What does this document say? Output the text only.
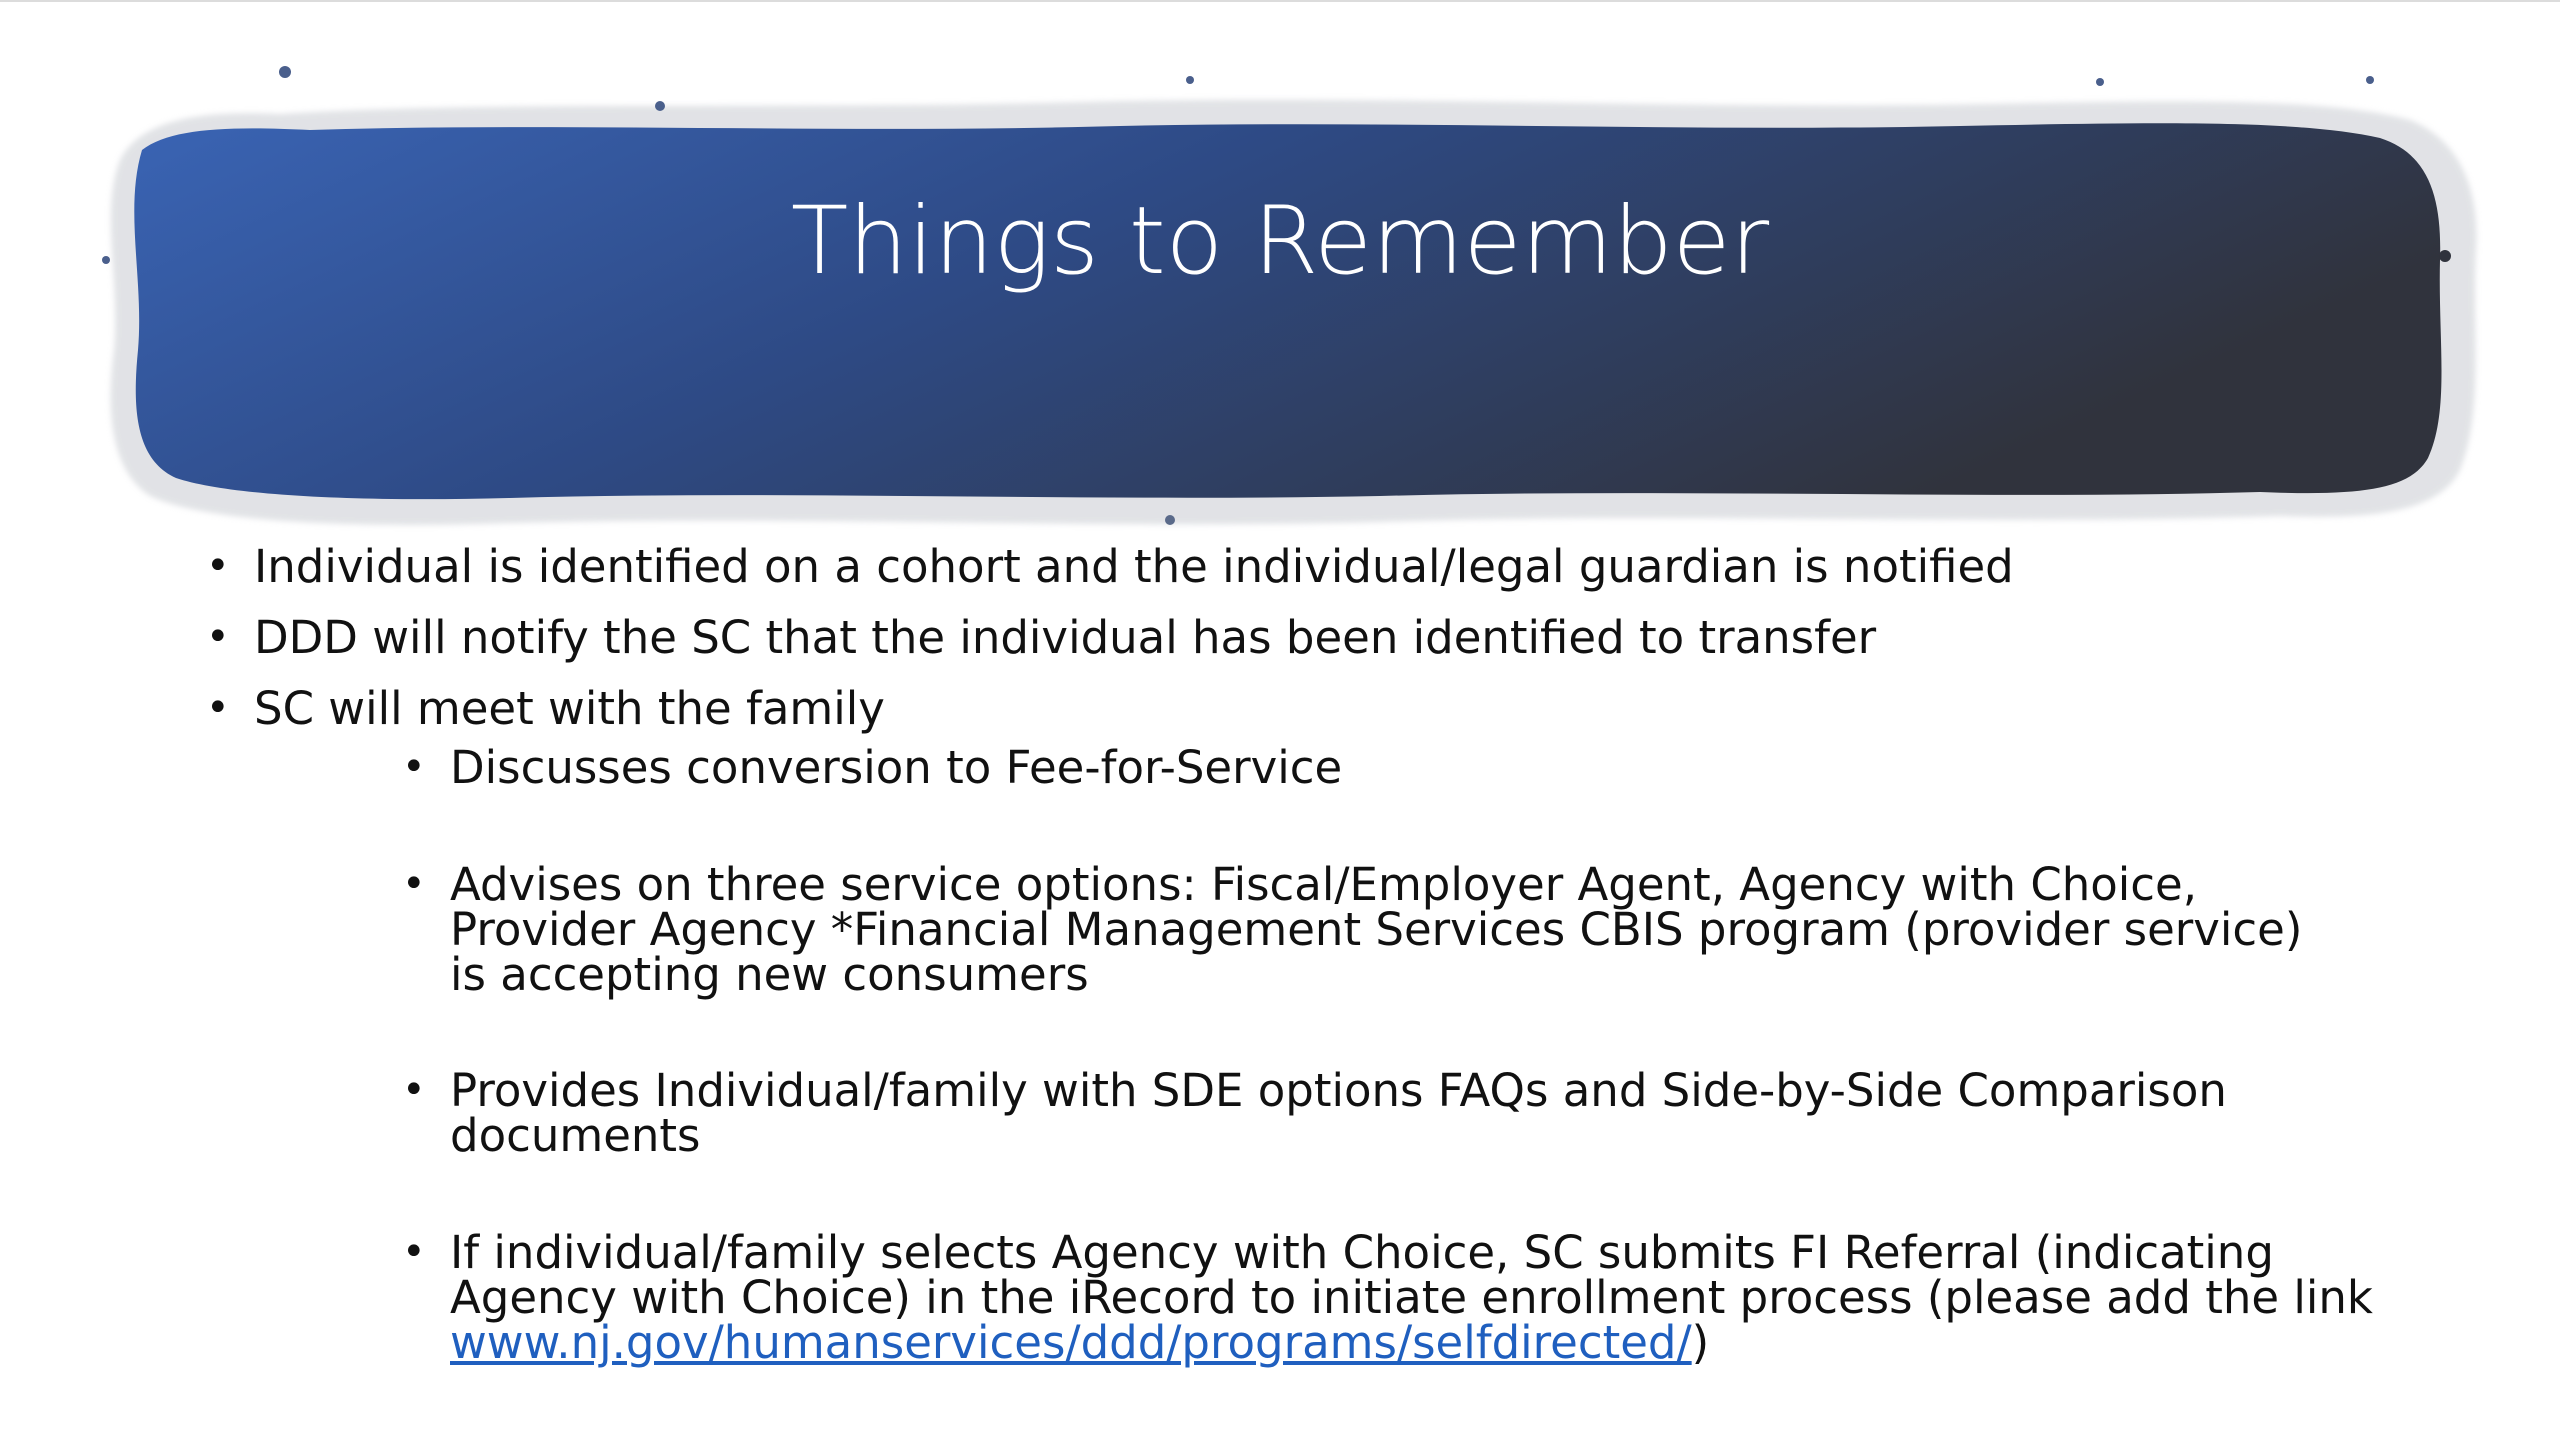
Things to Remember
• Individual is identified on a cohort and the individual/legal guardian is notified
• DDD will notify the SC that the individual has been identified to transfer
• SC will meet with the family
• Discusses conversion to Fee-for-Service
• Advises on three service options: Fiscal/Employer Agent, Agency with Choice,
Provider Agency *Financial Management Services CBIS program (provider service)
is accepting new consumers
• Provides Individual/family with SDE options FAQs and Side-by-Side Comparison
documents
• If individual/family selects Agency with Choice, SC submits FI Referral (indicating
Agency with Choice) in the iRecord to initiate enrollment process (please add the link
www.nj.gov/humanservices/ddd/programs/selfdirected/)
